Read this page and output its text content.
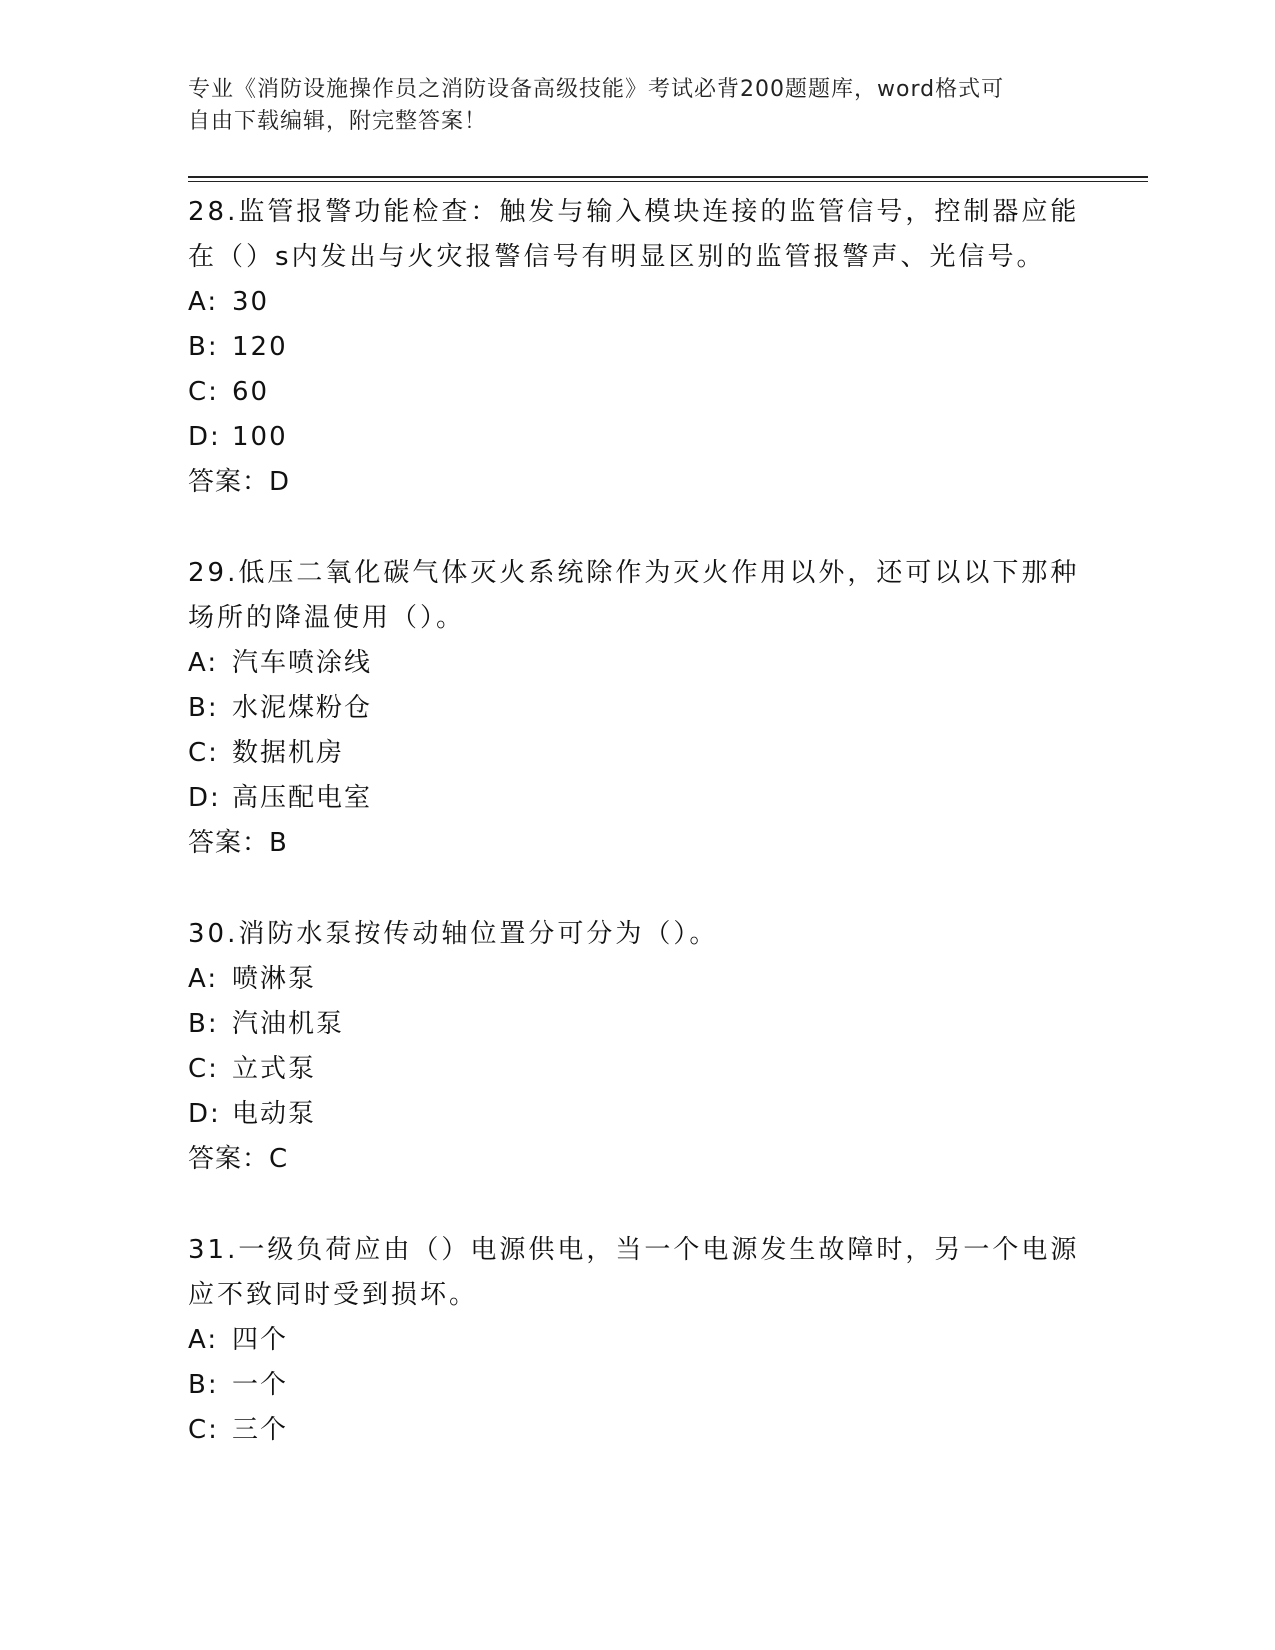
专业《消防设施操作员之消防设备高级技能》考试必背200题题库，word格式可
自由下载编辑，附完整答案！

28.监管报警功能检查：触发与输入模块连接的监管信号，控制器应能在（）s内发出与火灾报警信号有明显区别的监管报警声、光信号。

A: 30

B: 120

C: 60

D: 100

答案：D

29.低压二氧化碳气体灭火系统除作为灭火作用以外，还可以以下那种场所的降温使用（）。

A: 汽车喷涂线

B: 水泥煤粉仓

C: 数据机房

D: 高压配电室

答案：B

30.消防水泵按传动轴位置分可分为（）。

A: 喷淋泵

B: 汽油机泵

C: 立式泵

D: 电动泵

答案：C

31.一级负荷应由（）电源供电，当一个电源发生故障时，另一个电源应不致同时受到损坏。

A: 四个

B: 一个

C: 三个
